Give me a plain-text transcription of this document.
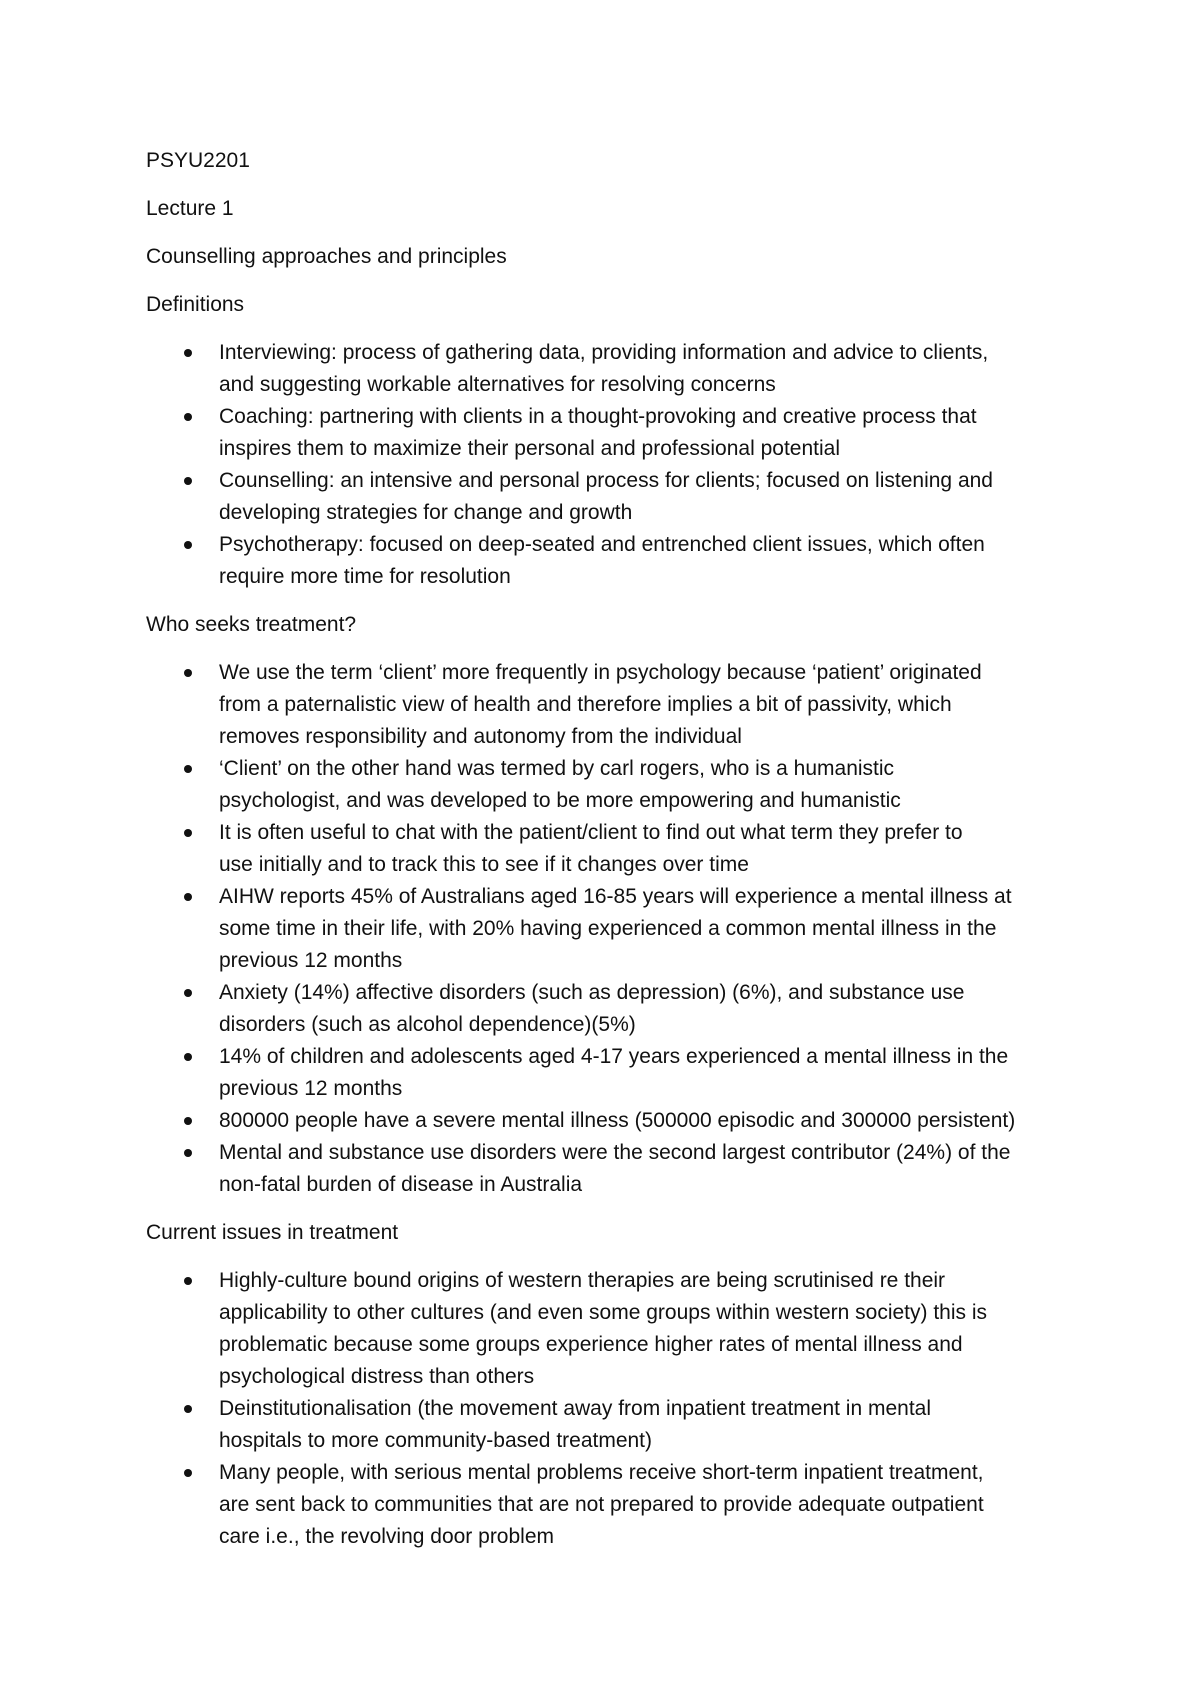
PSYU2201

Lecture 1

Counselling approaches and principles

Definitions

Interviewing: process of gathering data, providing information and advice to clients,
and suggesting workable alternatives for resolving concerns
Coaching: partnering with clients in a thought-provoking and creative process that
inspires them to maximize their personal and professional potential
Counselling: an intensive and personal process for clients; focused on listening and
developing strategies for change and growth
Psychotherapy: focused on deep-seated and entrenched client issues, which often
require more time for resolution

Who seeks treatment?

We use the term ‘client’ more frequently in psychology because ‘patient’ originated
from a paternalistic view of health and therefore implies a bit of passivity, which
removes responsibility and autonomy from the individual
‘Client’ on the other hand was termed by carl rogers, who is a humanistic
psychologist, and was developed to be more empowering and humanistic
It is often useful to chat with the patient/client to find out what term they prefer to
use initially and to track this to see if it changes over time
AIHW reports 45% of Australians aged 16-85 years will experience a mental illness at
some time in their life, with 20% having experienced a common mental illness in the
previous 12 months
Anxiety (14%) affective disorders (such as depression) (6%), and substance use
disorders (such as alcohol dependence)(5%)
14% of children and adolescents aged 4-17 years experienced a mental illness in the
previous 12 months
800000 people have a severe mental illness (500000 episodic and 300000 persistent)
Mental and substance use disorders were the second largest contributor (24%) of the
non-fatal burden of disease in Australia

Current issues in treatment

Highly-culture bound origins of western therapies are being scrutinised re their
applicability to other cultures (and even some groups within western society) this is
problematic because some groups experience higher rates of mental illness and
psychological distress than others
Deinstitutionalisation (the movement away from inpatient treatment in mental
hospitals to more community-based treatment)
Many people, with serious mental problems receive short-term inpatient treatment,
are sent back to communities that are not prepared to provide adequate outpatient
care i.e., the revolving door problem
